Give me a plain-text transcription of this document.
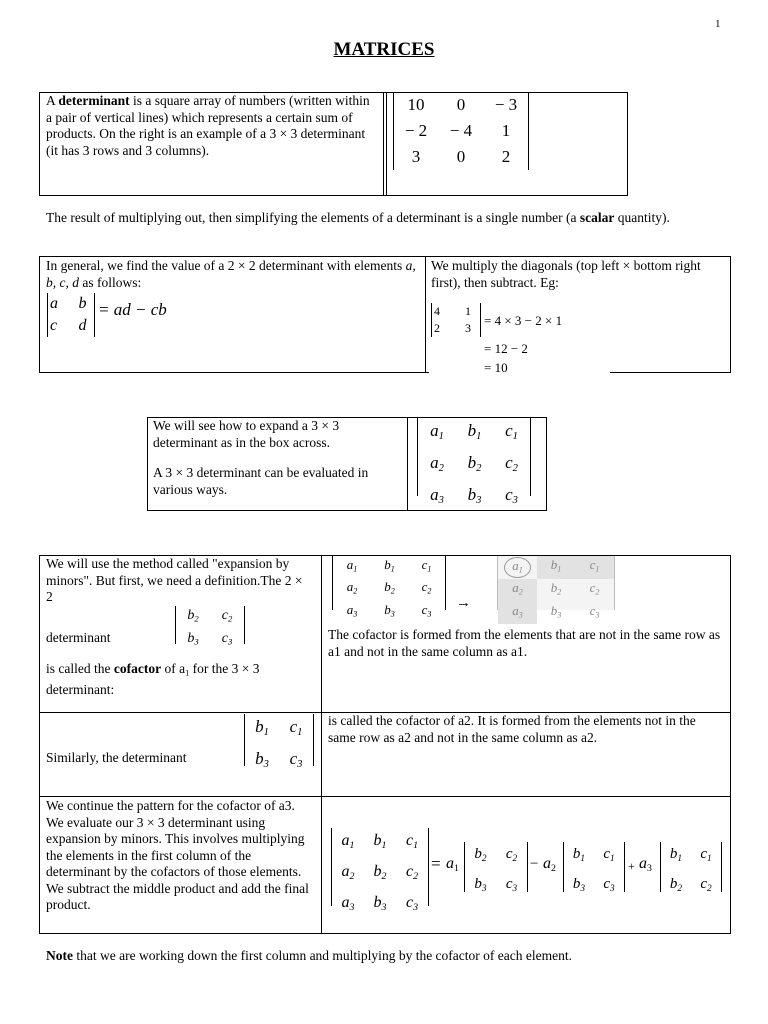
1
MATRICES

A determinant is a square array of numbers (written within a pair of vertical lines) which represents a certain sum of products. On the right is an example of a 3 × 3 determinant (it has 3 rows and 3 columns).

10	0	− 3
− 2	− 4	1
3	0	2

The result of multiplying out, then simplifying the elements of a determinant is a single number (a scalar quantity).

In general, we find the value of a 2 × 2 determinant with elements a, b, c, d as follows:

a	b
c	d
= ad − cb

We multiply the diagonals (top left × bottom right first), then subtract. Eg:

4	1
2	3	= 4 × 3 − 2 × 1
= 12 − 2
= 10

We will see how to expand a 3 × 3 determinant as in the box across.

A 3 × 3 determinant can be evaluated in various ways.

$a_1$	$b_1$	$c_1$
$a_2$	$b_2$	$c_2$
$a_3$	$b_3$	$c_3$

We will use the method called "expansion by minors". But first, we need a definition.The 2 × 2

$b_2$	$c_2$
$b_3$	$c_3$

determinant

is called the cofactor of $a_1$ for the 3 × 3 determinant:

$a_1$	$b_1$	$c_1$
$a_2$	$b_2$	$c_2$
$a_3$	$b_3$	$c_3$
→
$a_1$	$b_1$	$c_1$
$a_2$	$b_2$	$c_2$
$a_3$	$b_3$	$c_3$

The cofactor is formed from the elements that are not in the same row as a1 and not in the same column as a1.

Similarly, the determinant

$b_1$	$c_1$
$b_3$	$c_3$

is called the cofactor of a2. It is formed from the elements not in the same row as a2 and not in the same column as a2.

We continue the pattern for the cofactor of a3. We evaluate our 3 × 3 determinant using expansion by minors. This involves multiplying the elements in the first column of the determinant by the cofactors of those elements. We subtract the middle product and add the final product.

$a_1$	$b_1$	$c_1$
$a_2$	$b_2$	$c_2$
$a_3$	$b_3$	$c_3$
= $a_1$
$b_2$	$c_2$
$b_3$	$c_3$
− $a_2$
$b_1$	$c_1$
$b_3$	$c_3$
+ $a_3$
$b_1$	$c_1$
$b_2$	$c_2$

Note that we are working down the first column and multiplying by the cofactor of each element.
